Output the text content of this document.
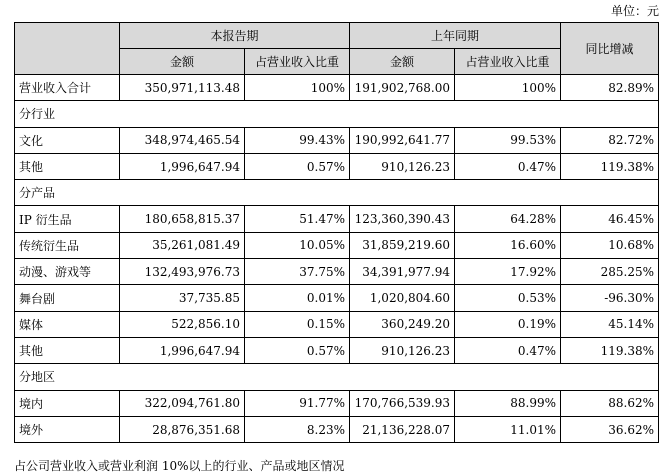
单位：元
	本报告期		上年同期		同比增减
	金额	占营业收入比重	金额	占营业收入比重	
营业收入合计	350,971,113.48	100%	191,902,768.00	100%	82.89%
分行业					
文化	348,974,465.54	99.43%	190,992,641.77	99.53%	82.72%
其他	1,996,647.94	0.57%	910,126.23	0.47%	119.38%
分产品					
IP 衍生品	180,658,815.37	51.47%	123,360,390.43	64.28%	46.45%
传统衍生品	35,261,081.49	10.05%	31,859,219.60	16.60%	10.68%
动漫、游戏等	132,493,976.73	37.75%	34,391,977.94	17.92%	285.25%
舞台剧	37,735.85	0.01%	1,020,804.60	0.53%	-96.30%
媒体	522,856.10	0.15%	360,249.20	0.19%	45.14%
其他	1,996,647.94	0.57%	910,126.23	0.47%	119.38%
分地区					
境内	322,094,761.80	91.77%	170,766,539.93	88.99%	88.62%
境外	28,876,351.68	8.23%	21,136,228.07	11.01%	36.62%
占公司营业收入或营业利润 10%以上的行业、产品或地区情况
